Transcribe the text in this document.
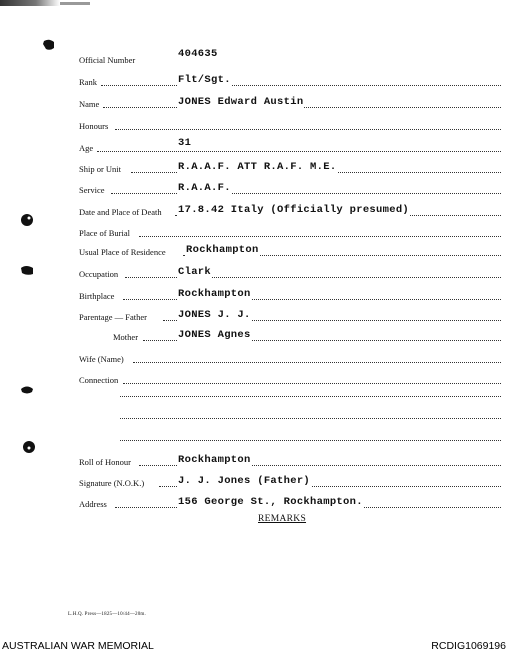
Official Number	404635
Rank	Flt/Sgt.
Name	JONES Edward Austin
Honours
Age	31
Ship or Unit	R.A.A.F. ATT R.A.F. M.E.
Service	R.A.A.F.
Date and Place of Death 17.8.42 Italy (Officially presumed)
Place of Burial
Usual Place of Residence Rockhampton
Occupation	Clark
Birthplace	Rockhampton
Parentage — Father	JONES J. J.
Mother	JONES Agnes
Wife (Name)
Connection
Roll of Honour	Rockhampton
Signature (N.O.K.)	J. J. Jones (Father)
Address	156 George St., Rockhampton.
REMARKS
L.H.Q. Press—1825—10/44—20m.
AUSTRALIAN WAR MEMORIAL	RCDIG1069196
